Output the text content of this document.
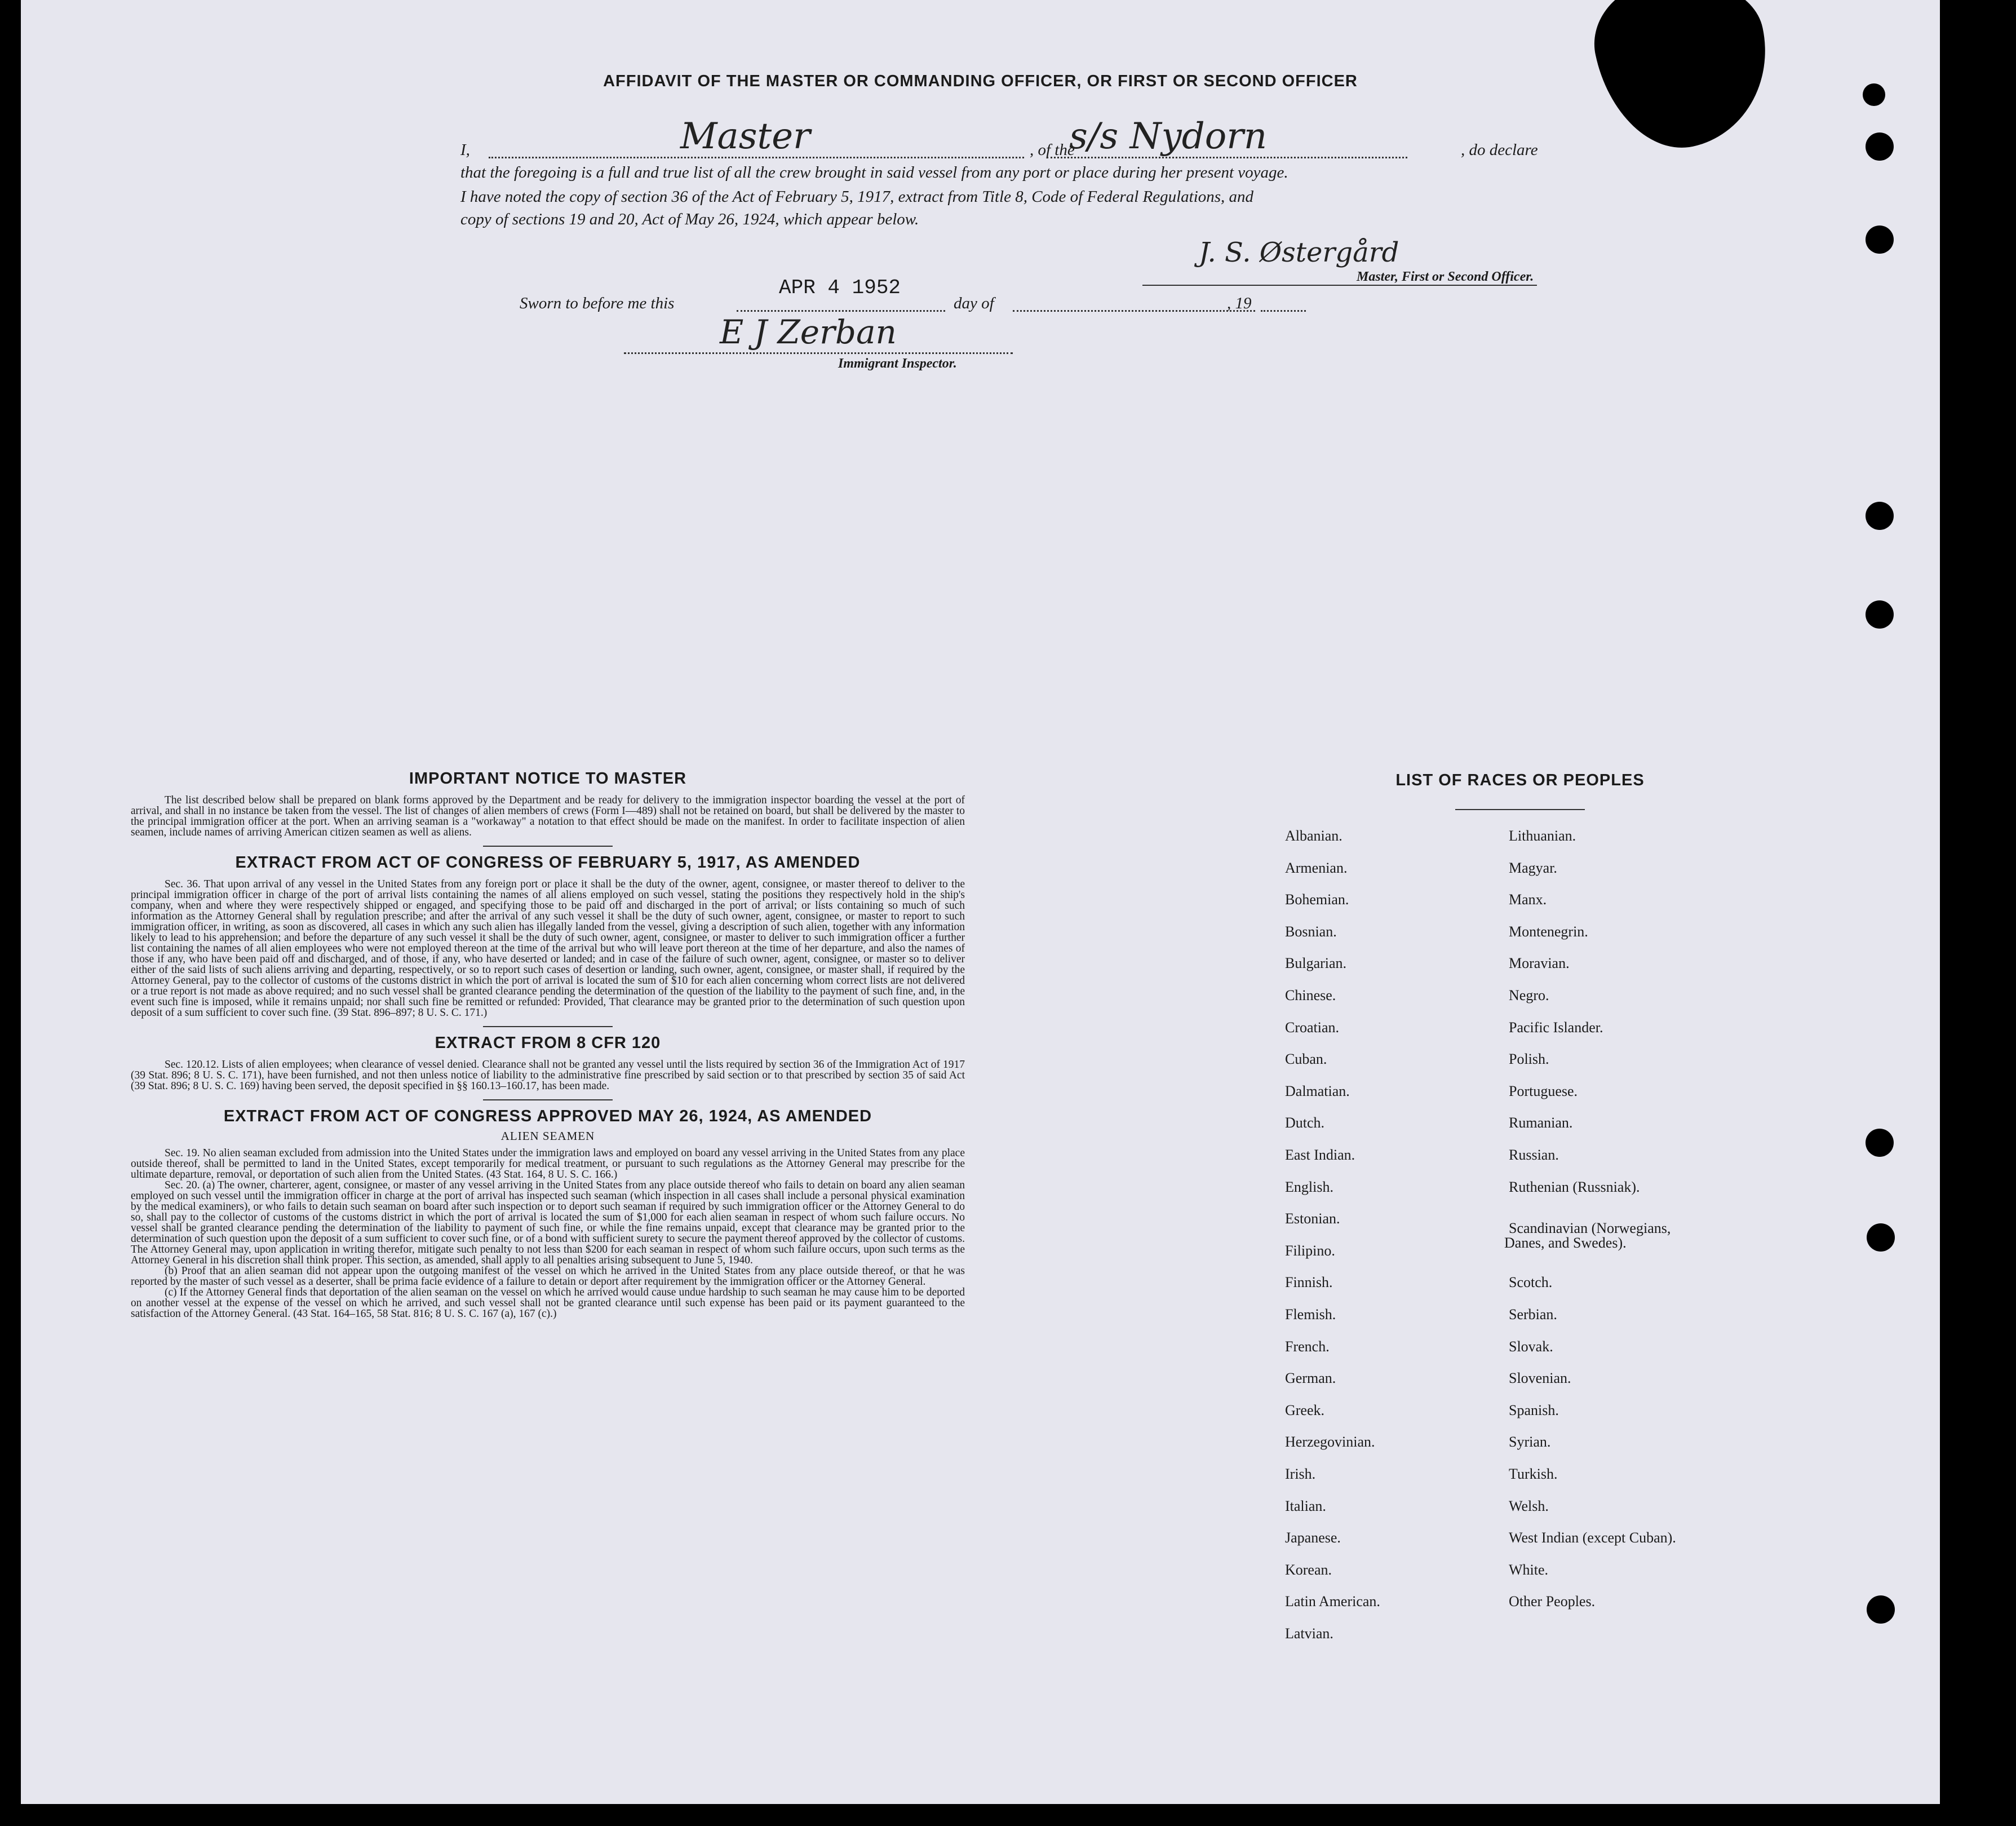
AFFIDAVIT OF THE MASTER OR COMMANDING OFFICER, OR FIRST OR SECOND OFFICER
I,	Master	, of the
s/s Nydorn	, do declare
that the foregoing is a full and true list of all the crew brought in said vessel from any port or place during her present voyage.
I have noted the copy of section 36 of the Act of February 5, 1917, extract from Title 8, Code of Federal Regulations, and
copy of sections 19 and 20, Act of May 26, 1924, which appear below.
J. S. Østergård
Master, First or Second Officer.
Sworn to before me this
APR 4 1952
day of	, 19
E J Zerban
Immigrant Inspector.

IMPORTANT NOTICE TO MASTER

The list described below shall be prepared on blank forms approved by the Department and be ready for delivery to the immigration inspector boarding the vessel at the port of arrival, and shall in no instance be taken from the vessel. The list of changes of alien members of crews (Form I—489) shall not be retained on board, but shall be delivered by the master to the principal immigration officer at the port. When an arriving seaman is a "workaway" a notation to that effect should be made on the manifest. In order to facilitate inspection of alien seamen, include names of arriving American citizen seamen as well as aliens.

EXTRACT FROM ACT OF CONGRESS OF FEBRUARY 5, 1917, AS AMENDED

Sec. 36. That upon arrival of any vessel in the United States from any foreign port or place it shall be the duty of the owner, agent, consignee, or master thereof to deliver to the principal immigration officer in charge of the port of arrival lists containing the names of all aliens employed on such vessel, stating the positions they respectively hold in the ship's company, when and where they were respectively shipped or engaged, and specifying those to be paid off and discharged in the port of arrival; or lists containing so much of such information as the Attorney General shall by regulation prescribe; and after the arrival of any such vessel it shall be the duty of such owner, agent, consignee, or master to report to such immigration officer, in writing, as soon as discovered, all cases in which any such alien has illegally landed from the vessel, giving a description of such alien, together with any information likely to lead to his apprehension; and before the departure of any such vessel it shall be the duty of such owner, agent, consignee, or master to deliver to such immigration officer a further list containing the names of all alien employees who were not employed thereon at the time of the arrival but who will leave port thereon at the time of her departure, and also the names of those if any, who have been paid off and discharged, and of those, if any, who have deserted or landed; and in case of the failure of such owner, agent, consignee, or master so to deliver either of the said lists of such aliens arriving and departing, respectively, or so to report such cases of desertion or landing, such owner, agent, consignee, or master shall, if required by the Attorney General, pay to the collector of customs of the customs district in which the port of arrival is located the sum of $10 for each alien concerning whom correct lists are not delivered or a true report is not made as above required; and no such vessel shall be granted clearance pending the determination of the question of the liability to the payment of such fine, and, in the event such fine is imposed, while it remains unpaid; nor shall such fine be remitted or refunded: Provided, That clearance may be granted prior to the determination of such question upon deposit of a sum sufficient to cover such fine. (39 Stat. 896–897; 8 U. S. C. 171.)

EXTRACT FROM 8 CFR 120

Sec. 120.12. Lists of alien employees; when clearance of vessel denied. Clearance shall not be granted any vessel until the lists required by section 36 of the Immigration Act of 1917 (39 Stat. 896; 8 U. S. C. 171), have been furnished, and not then unless notice of liability to the administrative fine prescribed by said section or to that prescribed by section 35 of said Act (39 Stat. 896; 8 U. S. C. 169) having been served, the deposit specified in §§ 160.13–160.17, has been made.

EXTRACT FROM ACT OF CONGRESS APPROVED MAY 26, 1924, AS AMENDED

ALIEN SEAMEN

Sec. 19. No alien seaman excluded from admission into the United States under the immigration laws and employed on board any vessel arriving in the United States from any place outside thereof, shall be permitted to land in the United States, except temporarily for medical treatment, or pursuant to such regulations as the Attorney General may prescribe for the ultimate departure, removal, or deportation of such alien from the United States. (43 Stat. 164, 8 U. S. C. 166.)

Sec. 20. (a) The owner, charterer, agent, consignee, or master of any vessel arriving in the United States from any place outside thereof who fails to detain on board any alien seaman employed on such vessel until the immigration officer in charge at the port of arrival has inspected such seaman (which inspection in all cases shall include a personal physical examination by the medical examiners), or who fails to detain such seaman on board after such inspection or to deport such seaman if required by such immigration officer or the Attorney General to do so, shall pay to the collector of customs of the customs district in which the port of arrival is located the sum of $1,000 for each alien seaman in respect of whom such failure occurs. No vessel shall be granted clearance pending the determination of the liability to payment of such fine, or while the fine remains unpaid, except that clearance may be granted prior to the determination of such question upon the deposit of a sum sufficient to cover such fine, or of a bond with sufficient surety to secure the payment thereof approved by the collector of customs. The Attorney General may, upon application in writing therefor, mitigate such penalty to not less than $200 for each seaman in respect of whom such failure occurs, upon such terms as the Attorney General in his discretion shall think proper. This section, as amended, shall apply to all penalties arising subsequent to June 5, 1940.

(b) Proof that an alien seaman did not appear upon the outgoing manifest of the vessel on which he arrived in the United States from any place outside thereof, or that he was reported by the master of such vessel as a deserter, shall be prima facie evidence of a failure to detain or deport after requirement by the immigration officer or the Attorney General.

(c) If the Attorney General finds that deportation of the alien seaman on the vessel on which he arrived would cause undue hardship to such seaman he may cause him to be deported on another vessel at the expense of the vessel on which he arrived, and such vessel shall not be granted clearance until such expense has been paid or its payment guaranteed to the satisfaction of the Attorney General. (43 Stat. 164–165, 58 Stat. 816; 8 U. S. C. 167 (a), 167 (c).)

LIST OF RACES OR PEOPLES
Albanian.
Armenian.
Bohemian.
Bosnian.
Bulgarian.
Chinese.
Croatian.
Cuban.
Dalmatian.
Dutch.
East Indian.
English.
Estonian.
Filipino.
Finnish.
Flemish.
French.
German.
Greek.
Herzegovinian.
Irish.
Italian.
Japanese.
Korean.
Latin American.
Latvian.
Lithuanian.
Magyar.
Manx.
Montenegrin.
Moravian.
Negro.
Pacific Islander.
Polish.
Portuguese.
Rumanian.
Russian.
Ruthenian (Russniak).
Scandinavian (Norwegians,
Danes, and Swedes).
Scotch.
Serbian.
Slovak.
Slovenian.
Spanish.
Syrian.
Turkish.
Welsh.
West Indian (except Cuban).
White.
Other Peoples.
